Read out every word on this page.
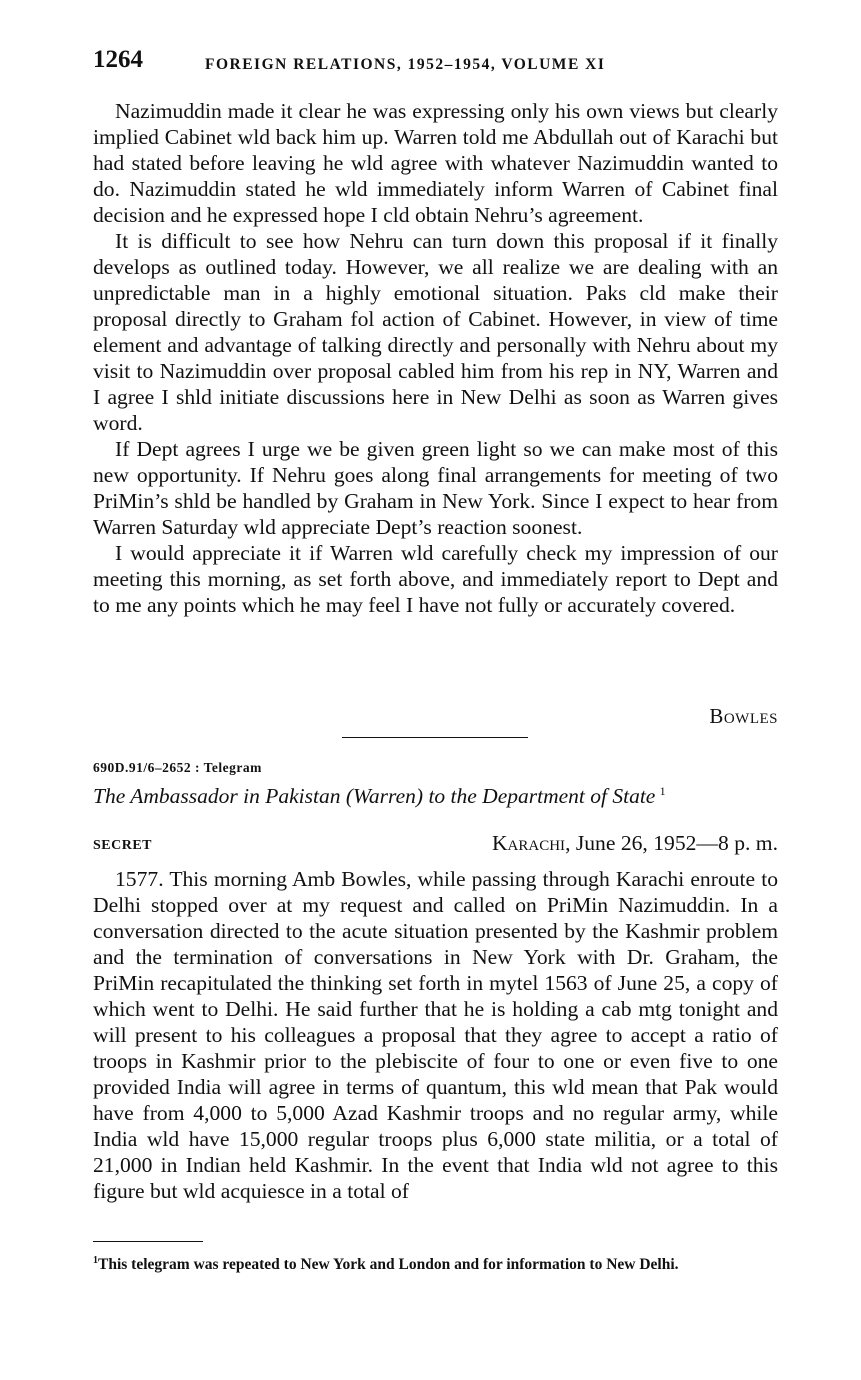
1264	FOREIGN RELATIONS, 1952–1954, VOLUME XI

Nazimuddin made it clear he was expressing only his own views but clearly implied Cabinet wld back him up. Warren told me Abdullah out of Karachi but had stated before leaving he wld agree with whatever Nazimuddin wanted to do. Nazimuddin stated he wld immediately inform Warren of Cabinet final decision and he expressed hope I cld obtain Nehru’s agreement.

It is difficult to see how Nehru can turn down this proposal if it finally develops as outlined today. However, we all realize we are dealing with an unpredictable man in a highly emotional situation. Paks cld make their proposal directly to Graham fol action of Cabinet. However, in view of time element and advantage of talking directly and personally with Nehru about my visit to Nazimuddin over proposal cabled him from his rep in NY, Warren and I agree I shld initiate discussions here in New Delhi as soon as Warren gives word.

If Dept agrees I urge we be given green light so we can make most of this new opportunity. If Nehru goes along final arrangements for meeting of two PriMin’s shld be handled by Graham in New York. Since I expect to hear from Warren Saturday wld appreciate Dept’s reaction soonest.

I would appreciate it if Warren wld carefully check my impression of our meeting this morning, as set forth above, and immediately report to Dept and to me any points which he may feel I have not fully or accurately covered.

Bowles
690D.91/6–2652 : Telegram
The Ambassador in Pakistan (Warren) to the Department of State  $^1$
SECRET	Karachi, June 26, 1952—8 p. m.

1577. This morning Amb Bowles, while passing through Karachi enroute to Delhi stopped over at my request and called on PriMin Nazimuddin. In a conversation directed to the acute situation presented by the Kashmir problem and the termination of conversations in New York with Dr. Graham, the PriMin recapitulated the thinking set forth in mytel 1563 of June 25, a copy of which went to Delhi. He said further that he is holding a cab mtg tonight and will present to his colleagues a proposal that they agree to accept a ratio of troops in Kashmir prior to the plebiscite of four to one or even five to one provided India will agree in terms of quantum, this wld mean that Pak would have from 4,000 to 5,000 Azad Kashmir troops and no regular army, while India wld have 15,000 regular troops plus 6,000 state militia, or a total of 21,000 in Indian held Kashmir. In the event that India wld not agree to this figure but wld acquiesce in a total of

$^1$This telegram was repeated to New York and London and for information to New Delhi.
